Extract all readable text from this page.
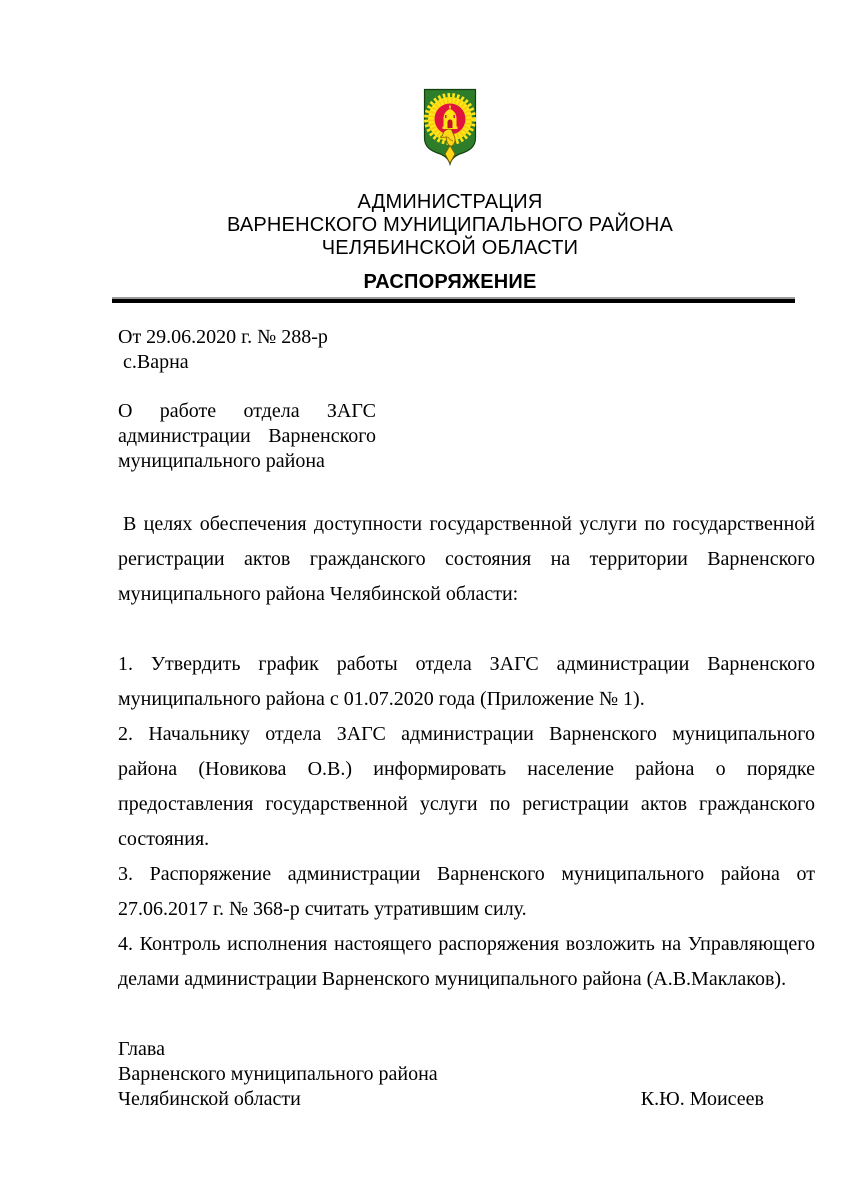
АДМИНИСТРАЦИЯ
ВАРНЕНСКОГО МУНИЦИПАЛЬНОГО РАЙОНА
ЧЕЛЯБИНСКОЙ ОБЛАСТИ
РАСПОРЯЖЕНИЕ
От 29.06.2020 г. № 288-р
с.Варна
О работе отдела ЗАГС
администрации Варненского
муниципального района

В целях обеспечения доступности государственной услуги по государственной регистрации актов гражданского состояния на территории Варненского муниципального района Челябинской области:

1. Утвердить график работы отдела ЗАГС администрации Варненского муниципального района с 01.07.2020 года (Приложение № 1).

2. Начальнику отдела ЗАГС администрации Варненского муниципального района (Новикова О.В.) информировать население района о порядке предоставления государственной услуги по регистрации актов гражданского состояния.

3. Распоряжение администрации Варненского муниципального района от 27.06.2017 г. № 368-р считать утратившим силу.

4. Контроль исполнения настоящего распоряжения возложить на Управляющего делами администрации Варненского муниципального района (А.В.Маклаков).

Глава
Варненского муниципального района
Челябинской области	К.Ю. Моисеев
